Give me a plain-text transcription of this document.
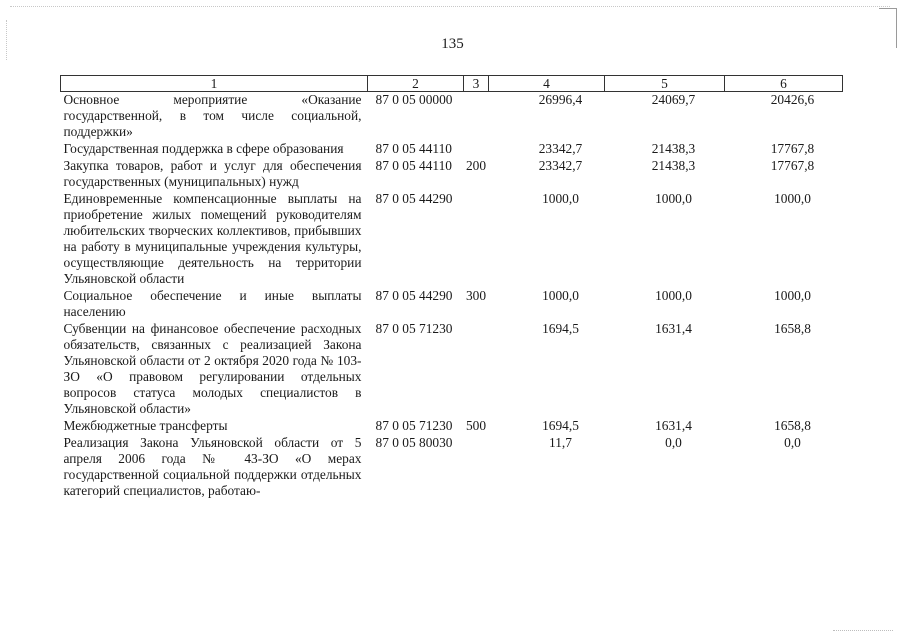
135
1	2	3	4	5	6
Основное мероприятие «Оказание государственной, в том числе социальной, поддержки»	87 0 05 00000		26996,4	24069,7	20426,6
Государственная поддержка в сфере образования	87 0 05 44110		23342,7	21438,3	17767,8
Закупка товаров, работ и услуг для обеспечения государственных (муниципальных) нужд	87 0 05 44110	200	23342,7	21438,3	17767,8
Единовременные компенсационные выплаты на приобретение жилых помещений руководителям любительских творческих коллективов, прибывших на работу в муниципальные учреждения культуры, осуществляющие деятельность на территории Ульяновской области	87 0 05 44290		1000,0	1000,0	1000,0
Социальное обеспечение и иные выплаты населению	87 0 05 44290	300	1000,0	1000,0	1000,0
Субвенции на финансовое обеспечение расходных обязательств, связанных с реализацией Закона Ульяновской области от 2 октября 2020 года № 103-ЗО «О правовом регулировании отдельных вопросов статуса молодых специалистов в Ульяновской области»	87 0 05 71230		1694,5	1631,4	1658,8
Межбюджетные трансферты	87 0 05 71230	500	1694,5	1631,4	1658,8
Реализация Закона Ульяновской области от 5 апреля 2006 года № 43-ЗО «О мерах государственной социальной поддержки отдельных категорий специалистов, работаю-	87 0 05 80030		11,7	0,0	0,0
